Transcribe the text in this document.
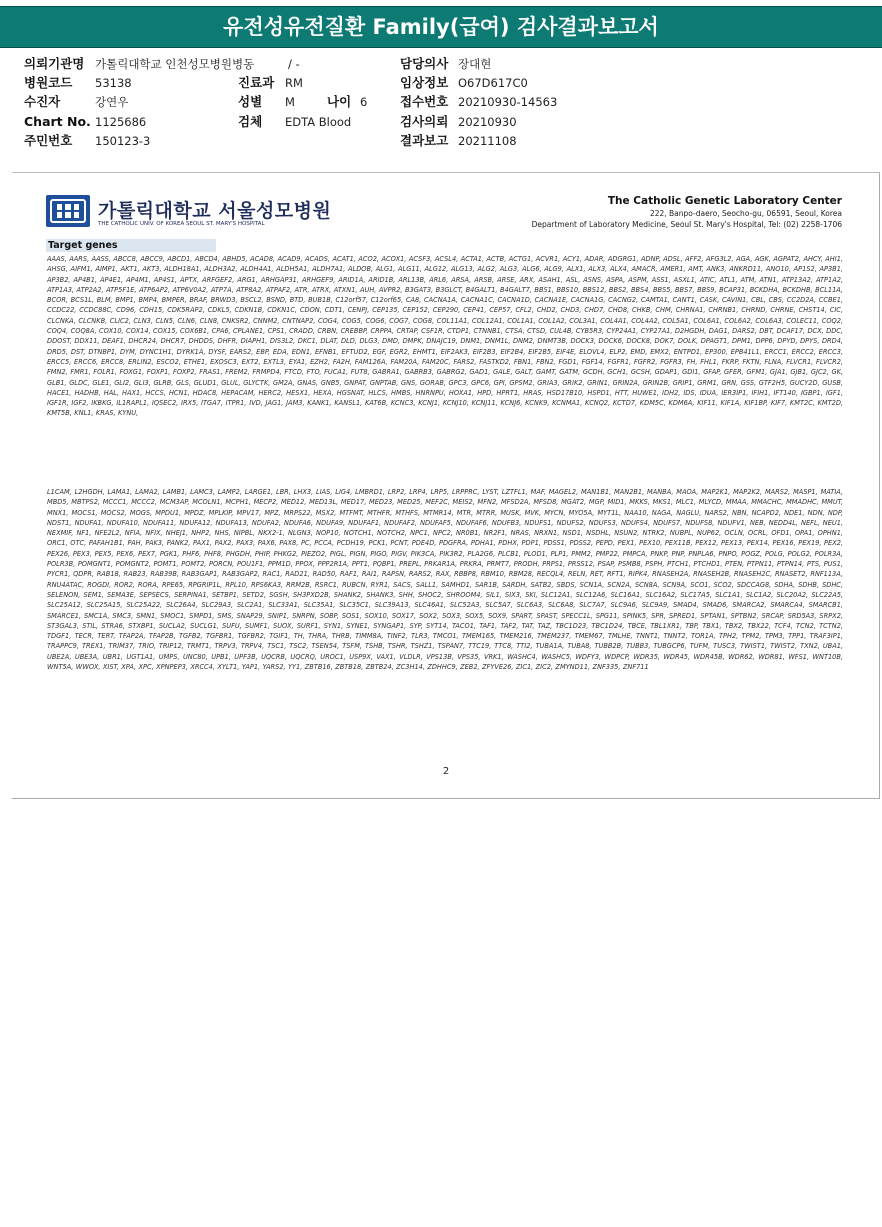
유전성유전질환 Family(급여) 검사결과보고서
의뢰기관명 가톨릭대학교 인천성모병원병동	/ -
병원코드 53138
수진자	강연우
Chart No. 1125686
주민번호 150123-3
진료과 RM
성별 M	나이 6
검체 EDTA Blood
담당의사 장대현
임상정보 O67D617C0
접수번호 20210930-14563
검사의뢰 20210930
결과보고 20211108
가톨릭대학교 서울성모병원
THE CATHOLIC UNIV. OF KOREA SEOUL ST. MARY'S HOSPITAL
The Catholic Genetic Laboratory Center
222, Banpo-daero, Seocho-gu, 06591, Seoul, Korea
Department of Laboratory Medicine, Seoul St. Mary's Hospital, Tel: (02) 2258-1706
Target genes

AAAS, AARS, AASS, ABCC8, ABCC9, ABCD1, ABCD4, ABHD5, ACAD8, ACAD9, ACADS, ACAT1, ACO2, ACOX1, ACSF3, ACSL4, ACTA1, ACTB, ACTG1, ACVR1, ACY1, ADAR, ADGRG1, ADNP, ADSL, AFF2, AFG3L2, AGA, AGK, AGPAT2, AHCY, AHI1, AHSG, AIFM1, AIMP1, AKT1, AKT3, ALDH18A1, ALDH3A2, ALDH4A1, ALDH5A1, ALDH7A1, ALDOB, ALG1, ALG11, ALG12, ALG13, ALG2, ALG3, ALG6, ALG9, ALX1, ALX3, ALX4, AMACR, AMER1, AMT, ANK3, ANKRD11, ANO10, AP1S2, AP3B1, AP3B2, AP4B1, AP4E1, AP4M1, AP4S1, APTX, ARFGEF2, ARG1, ARHGAP31, ARHGEF9, ARID1A, ARID1B, ARL13B, ARL6, ARSA, ARSB, ARSE, ARX, ASAH1, ASL, ASNS, ASPA, ASPM, ASS1, ASXL1, ATIC, ATL1, ATM, ATN1, ATP13A2, ATP1A2, ATP1A3, ATP2A2, ATP5F1E, ATP6AP2, ATP6V0A2, ATP7A, ATP8A2, ATPAF2, ATR, ATRX, ATXN1, AUH, AVPR2, B3GAT3, B3GLCT, B4GALT1, B4GALT7, BBS1, BBS10, BBS12, BBS2, BBS4, BBS5, BBS7, BBS9, BCAP31, BCKDHA, BCKDHB, BCL11A, BCOR, BCS1L, BLM, BMP1, BMP4, BMPER, BRAF, BRWD3, BSCL2, BSND, BTD, BUB1B, C12orf57, C12orf65, CA8, CACNA1A, CACNA1C, CACNA1D, CACNA1E, CACNA1G, CACNG2, CAMTA1, CANT1, CASK, CAVIN1, CBL, CBS, CC2D2A, CCBE1, CCDC22, CCDC88C, CD96, CDH15, CDK5RAP2, CDKL5, CDKN1B, CDKN1C, CDON, CDT1, CENPJ, CEP135, CEP152, CEP290, CEP41, CEP57, CFL2, CHD2, CHD3, CHD7, CHD8, CHKB, CHM, CHRNA1, CHRNB1, CHRND, CHRNE, CHST14, CIC, CLCNKA, CLCNKB, CLIC2, CLN3, CLN5, CLN6, CLN8, CNKSR2, CNNM2, CNTNAP2, COG4, COG5, COG6, COG7, COG8, COL11A1, COL12A1, COL1A1, COL1A2, COL3A1, COL4A1, COL4A2, COL5A1, COL6A1, COL6A2, COL6A3, COLEC11, COQ2, COQ4, COQ8A, COX10, COX14, COX15, COX6B1, CPA6, CPLANE1, CPS1, CRADD, CRBN, CREBBP, CRPPA, CRTAP, CSF1R, CTDP1, CTNNB1, CTSA, CTSD, CUL4B, CYB5R3, CYP24A1, CYP27A1, D2HGDH, DAG1, DARS2, DBT, DCAF17, DCX, DDC, DDOST, DDX11, DEAF1, DHCR24, DHCR7, DHDDS, DHFR, DIAPH1, DIS3L2, DKC1, DLAT, DLD, DLG3, DMD, DMPK, DNAJC19, DNM1, DNM1L, DNM2, DNMT3B, DOCK3, DOCK6, DOCK8, DOK7, DOLK, DPAGT1, DPM1, DPP6, DPYD, DPYS, DRD4, DRD5, DST, DTNBP1, DYM, DYNC1H1, DYRK1A, DYSF, EARS2, EBP, EDA, EDN1, EFNB1, EFTUD2, EGF, EGR2, EHMT1, EIF2AK3, EIF2B3, EIF2B4, EIF2B5, EIF4E, ELOVL4, ELP2, EMD, EMX2, ENTPD1, EP300, EPB41L1, ERCC1, ERCC2, ERCC3, ERCC5, ERCC6, ERCC8, ERLIN2, ESCO2, ETHE1, EXOSC3, EXT2, EXTL3, EYA1, EZH2, FA2H, FAM126A, FAM20A, FAM20C, FARS2, FASTKD2, FBN1, FBN2, FGD1, FGF14, FGFR1, FGFR2, FGFR3, FH, FHL1, FKRP, FKTN, FLNA, FLVCR1, FLVCR2, FMN2, FMR1, FOLR1, FOXG1, FOXP1, FOXP2, FRAS1, FREM2, FRMPD4, FTCD, FTO, FUCA1, FUT8, GABRA1, GABRB3, GABRG2, GAD1, GALE, GALT, GAMT, GATM, GCDH, GCH1, GCSH, GDAP1, GDI1, GFAP, GFER, GFM1, GJA1, GJB1, GJC2, GK, GLB1, GLDC, GLE1, GLI2, GLI3, GLRB, GLS, GLUD1, GLUL, GLYCTK, GM2A, GNAS, GNB5, GNPAT, GNPTAB, GNS, GORAB, GPC3, GPC6, GPI, GPSM2, GRIA3, GRIK2, GRIN1, GRIN2A, GRIN2B, GRIP1, GRM1, GRN, GSS, GTF2H5, GUCY2D, GUSB, HACE1, HADHB, HAL, HAX1, HCCS, HCN1, HDAC8, HEPACAM, HERC2, HESX1, HEXA, HGSNAT, HLCS, HMBS, HNRNPU, HOXA1, HPD, HPRT1, HRAS, HSD17B10, HSPD1, HTT, HUWE1, IDH2, IDS, IDUA, IER3IP1, IFIH1, IFT140, IGBP1, IGF1, IGF1R, IGF2, IKBKG, IL1RAPL1, IQSEC2, IRX5, ITGA7, ITPR1, IVD, JAG1, JAM3, KANK1, KANSL1, KAT6B, KCNC3, KCNJ1, KCNJ10, KCNJ11, KCNJ6, KCNK9, KCNMA1, KCNQ2, KCTD7, KDM5C, KDM6A, KIF11, KIF1A, KIF1BP, KIF7, KMT2C, KMT2D, KMT5B, KNL1, KRAS, KYNU,

L1CAM, L2HGDH, LAMA1, LAMA2, LAMB1, LAMC3, LAMP2, LARGE1, LBR, LHX3, LIAS, LIG4, LMBRD1, LRP2, LRP4, LRP5, LRPPRC, LYST, LZTFL1, MAF, MAGEL2, MAN1B1, MAN2B1, MANBA, MAOA, MAP2K1, MAP2K2, MARS2, MASP1, MATIA, MBD5, MBTPS2, MCCC1, MCCC2, MCM3AP, MCOLN1, MCPH1, MECP2, MED12, MED13L, MED17, MED23, MED25, MEF2C, MEIS2, MFN2, MFSD2A, MFSD8, MGAT2, MGP, MID1, MKKS, MKS1, MLC1, MLYCD, MMAA, MMACHC, MMADHC, MMUT, MNX1, MOCS1, MOCS2, MOGS, MPDU1, MPDZ, MPLKIP, MPV17, MPZ, MRPS22, MSX2, MTFMT, MTHFR, MTHFS, MTMR14, MTR, MTRR, MUSK, MVK, MYCN, MYO5A, MYT1L, NAA10, NAGA, NAGLU, NARS2, NBN, NCAPD2, NDE1, NDN, NDP, NDST1, NDUFA1, NDUFA10, NDUFA11, NDUFA12, NDUFA13, NDUFA2, NDUFA6, NDUFA9, NDUFAF1, NDUFAF2, NDUFAF5, NDUFAF6, NDUFB3, NDUFS1, NDUFS2, NDUFS3, NDUFS4, NDUFS7, NDUFS8, NDUFV1, NEB, NEDD4L, NEFL, NEU1, NEXMIF, NF1, NFE2L2, NFIA, NFIX, NHEJ1, NHP2, NHS, NIPBL, NKX2-1, NLGN3, NOP10, NOTCH1, NOTCH2, NPC1, NPC2, NR0B1, NR2F1, NRAS, NRXN1, NSD1, NSDHL, NSUN2, NTRK2, NUBPL, NUP62, OCLN, OCRL, OFD1, OPA1, OPHN1, ORC1, OTC, PAFAH1B1, PAH, PAK3, PANK2, PAX1, PAX2, PAX3, PAX6, PAX8, PC, PCCA, PCDH19, PCK1, PCNT, PDE4D, PDGFRA, PDHA1, PDHX, PDP1, PDSS1, PDSS2, PEPD, PEX1, PEX10, PEX11B, PEX12, PEX13, PEX14, PEX16, PEX19, PEX2, PEX26, PEX3, PEX5, PEX6, PEX7, PGK1, PHF6, PHF8, PHGDH, PHIP, PHKG2, PIEZO2, PIGL, PIGN, PIGO, PIGV, PIK3CA, PIK3R2, PLA2G6, PLCB1, PLOD1, PLP1, PMM2, PMP22, PMPCA, PNKP, PNP, PNPLA6, PNPO, POGZ, POLG, POLG2, POLR3A, POLR3B, POMGNT1, POMGNT2, POMT1, POMT2, PORCN, POU1F1, PPM1D, PPOX, PPP2R1A, PPT1, PQBP1, PREPL, PRKAR1A, PRKRA, PRMT7, PRODH, PRPS1, PRSS12, PSAP, PSMB8, PSPH, PTCH1, PTCHD1, PTEN, PTPN11, PTPN14, PTS, PUS1, PYCR1, QDPR, RAB18, RAB23, RAB39B, RAB3GAP1, RAB3GAP2, RAC1, RAD21, RAD50, RAF1, RAI1, RAPSN, RARS2, RAX, RBBP8, RBM10, RBM28, RECQL4, RELN, RET, RFT1, RIPK4, RNASEH2A, RNASEH2B, RNASEH2C, RNASET2, RNF113A, RNU4ATAC, ROGDI, ROR2, RORA, RPE65, RPGRIP1L, RPL10, RPS6KA3, RRM2B, RSRC1, RUBCN, RYR1, SACS, SALL1, SAMHD1, SAR1B, SARDH, SATB2, SBDS, SCN1A, SCN2A, SCN8A, SCN9A, SCO1, SCO2, SDCCAG8, SDHA, SDHB, SDHC, SELENON, SEM1, SEMA3E, SEPSECS, SERPINA1, SETBP1, SETD2, SGSH, SH3PXD2B, SHANK2, SHANK3, SHH, SHOC2, SHROOM4, SIL1, SIX3, SKI, SLC12A1, SLC12A6, SLC16A1, SLC16A2, SLC17A5, SLC1A1, SLC1A2, SLC20A2, SLC22A5, SLC25A12, SLC25A15, SLC25A22, SLC26A4, SLC29A3, SLC2A1, SLC33A1, SLC35A1, SLC35C1, SLC39A13, SLC46A1, SLC52A3, SLC5A7, SLC6A3, SLC6A8, SLC7A7, SLC9A6, SLC9A9, SMAD4, SMAD6, SMARCA2, SMARCA4, SMARCB1, SMARCE1, SMC1A, SMC3, SMN1, SMOC1, SMPD1, SMS, SNAP29, SNIP1, SNRPN, SOBP, SOS1, SOX10, SOX17, SOX2, SOX3, SOX5, SOX9, SPART, SPAST, SPECC1L, SPG11, SPINK5, SPR, SPRED1, SPTAN1, SPTBN2, SRCAP, SRD5A3, SRPX2, ST3GAL3, STIL, STRA6, STXBP1, SUCLA2, SUCLG1, SUFU, SUMF1, SUOX, SURF1, SYN1, SYNE1, SYNGAP1, SYP, SYT14, TACO1, TAF1, TAF2, TAT, TAZ, TBC1D23, TBC1D24, TBCE, TBL1XR1, TBP, TBX1, TBX2, TBX22, TCF4, TCN2, TCTN2, TDGF1, TECR, TERT, TFAP2A, TFAP2B, TGFB2, TGFBR1, TGFBR2, TGIF1, TH, THRA, THRB, TIMM8A, TINF2, TLR3, TMCO1, TMEM165, TMEM216, TMEM237, TMEM67, TMLHE, TNNT1, TNNT2, TOR1A, TPH2, TPM2, TPM3, TPP1, TRAF3IP1, TRAPPC9, TREX1, TRIM37, TRIO, TRIP12, TRMT1, TRPV3, TRPV4, TSC1, TSC2, TSEN54, TSFM, TSHB, TSHR, TSHZ1, TSPAN7, TTC19, TTC8, TTI2, TUBA1A, TUBA8, TUBB2B, TUBB3, TUBGCP6, TUFM, TUSC3, TWIST1, TWIST2, TXN2, UBA1, UBE2A, UBE3A, UBR1, UGT1A1, UMPS, UNC80, UPB1, UPF3B, UQCRB, UQCRQ, UROC1, USP9X, VAX1, VLDLR, VPS13B, VPS35, VRK1, WASHC4, WASHC5, WDFY3, WDPCP, WDR35, WDR45, WDR45B, WDR62, WDR81, WFS1, WNT10B, WNT5A, WWOX, XIST, XPA, XPC, XPNPEP3, XRCC4, XYLT1, YAP1, YARS2, YY1, ZBTB16, ZBTB18, ZBTB24, ZC3H14, ZDHHC9, ZEB2, ZFYVE26, ZIC1, ZIC2, ZMYND11, ZNF335, ZNF711

2
